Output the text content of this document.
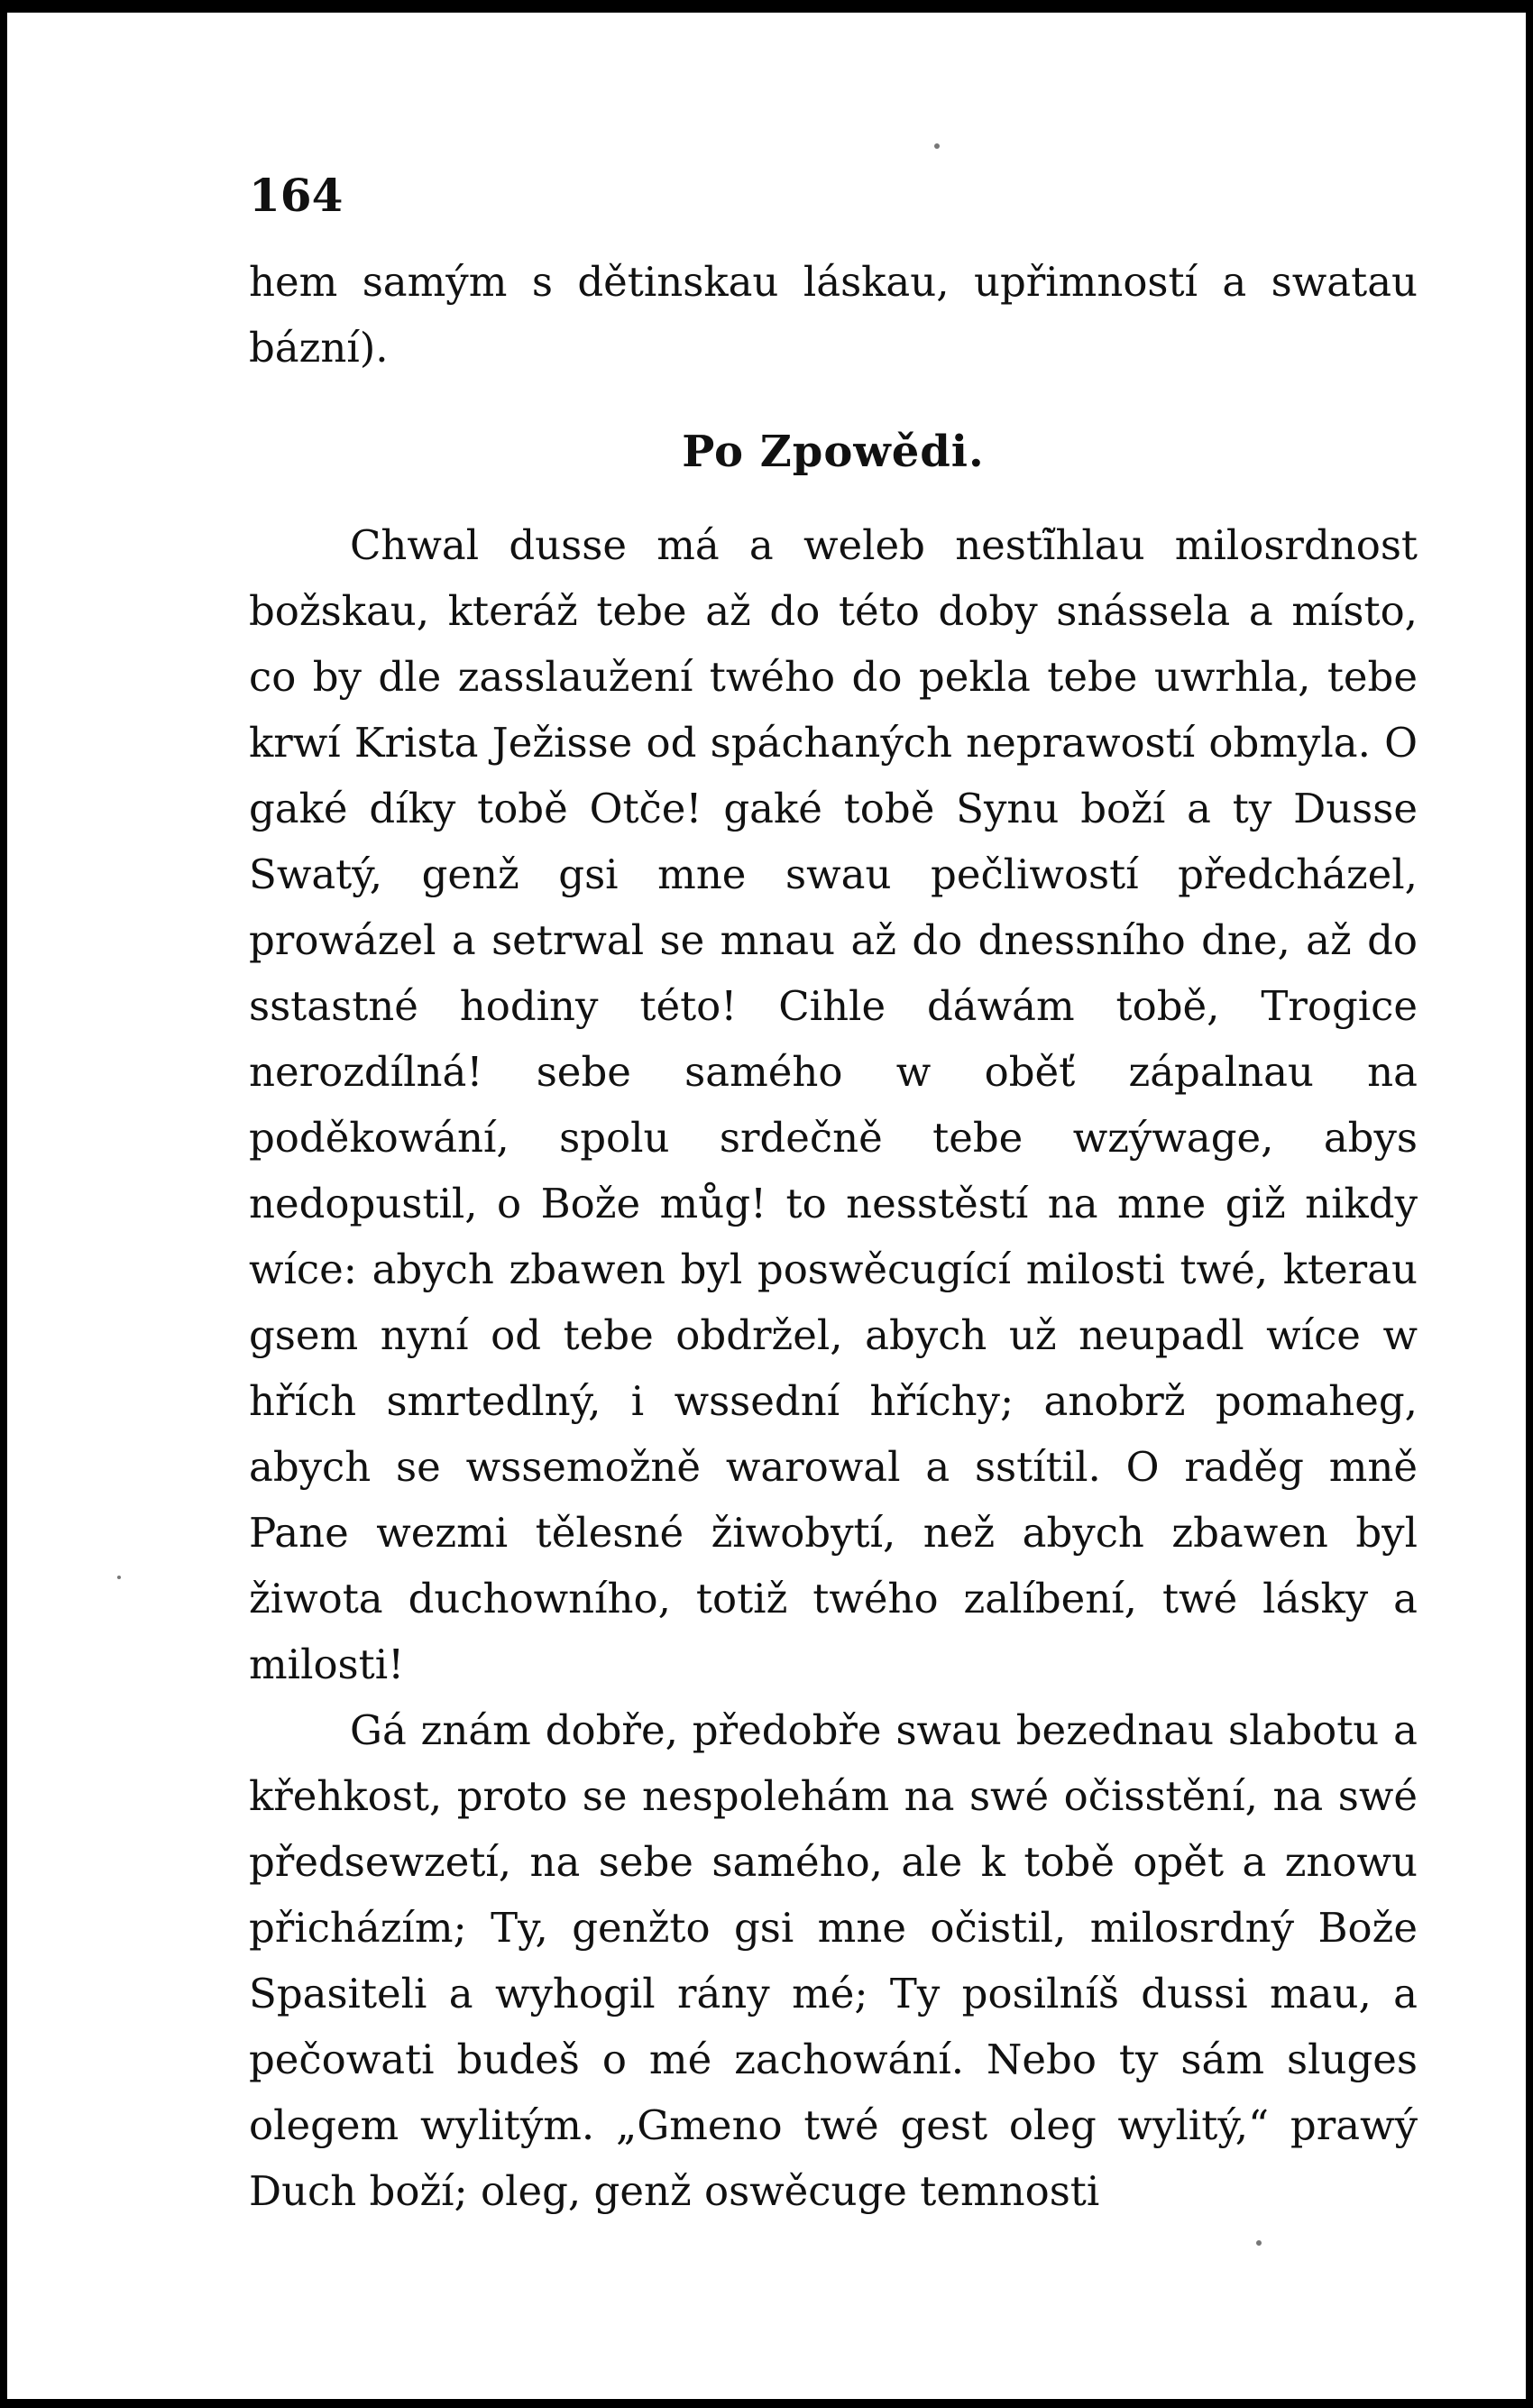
164

hem samým s dětinskau láskau, upřimností a swatau bázní).

Po Zpowědi.

Chwal dusse má a weleb nesti̇̃hlau milosrdnost božskau, kteráž tebe až do této doby snássela a místo, co by dle zasslaužení twého do pekla tebe uwrhla, tebe krwí Krista Ježisse od spáchaných neprawostí obmyla. O gaké díky tobě Otče! gaké tobě Synu boží a ty Dusse Swatý, genž gsi mne swau pečliwostí předcházel, prowázel a setrwal se mnau až do dnessního dne, až do sstastné hodiny této! Cihle dáwám tobě, Trogice nerozdílná! sebe samého w oběť zápalnau na poděkowání, spolu srdečně tebe wzýwage, abys nedopustil, o Bože můg! to nesstěstí na mne giž nikdy wíce: abych zbawen byl poswěcugící milosti twé, kterau gsem nyní od tebe obdržel, abych už neupadl wíce w hřích smrtedlný, i wssední hříchy; anobrž pomaheg, abych se wssemožně warowal a sstítil. O raděg mně Pane wezmi tělesné žiwobytí, než abych zbawen byl žiwota duchowního, totiž twého zalíbení, twé lásky a milosti!

Gá znám dobře, předobře swau bezednau slabotu a křehkost, proto se nespolehám na swé očisstění, na swé předsewzetí, na sebe samého, ale k tobě opět a znowu přicházím; Ty, genžto gsi mne očistil, milosrdný Bože Spasiteli a wyhogil rány mé; Ty posilníš dussi mau, a pečowati budeš o mé zachowání. Nebo ty sám sluges olegem wylitým. „Gmeno twé gest oleg wylitý,“ prawý Duch boží; oleg, genž oswěcuge temnosti
